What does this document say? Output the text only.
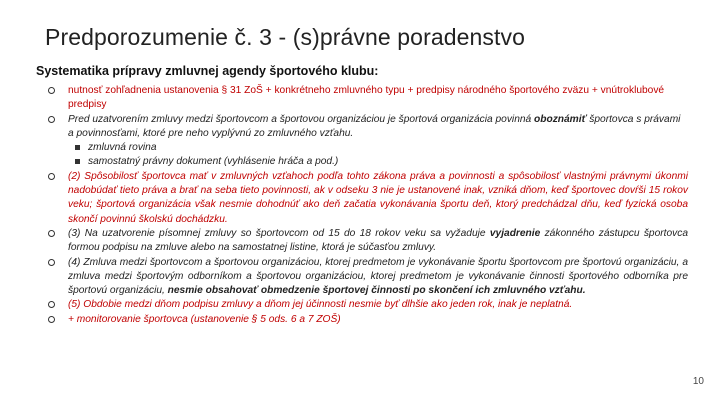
Predporozumenie č. 3 - (s)právne poradenstvo
Systematika prípravy zmluvnej agendy športového klubu:
nutnosť zohľadnenia ustanovenia § 31 ZoŠ + konkrétneho zmluvného typu + predpisy národného športového zväzu + vnútroklubové predpisy
Pred uzatvorením zmluvy medzi športovcom a športovou organizáciou je športová organizácia povinná oboznámiť športovca s právami a povinnosťami, ktoré pre neho vyplývnú zo zmluvného vzťahu.
zmluvná rovina
samostatný právny dokument (vyhlásenie hráča a pod.)
(2) Spôsobilosť športovca mať v zmluvných vzťahoch podľa tohto zákona práva a povinnosti a spôsobilosť vlastnými právnymi úkonmi nadobúdať tieto práva a brať na seba tieto povinnosti, ak v odseku 3 nie je ustanovené inak, vzniká dňom, keď športovec dovŕši 15 rokov veku; športová organizácia však nesmie dohodnúť ako deň začatia vykonávania športu deň, ktorý predchádzal dňu, keď fyzická osoba skončí povinnú školskú dochádzku.
(3) Na uzatvorenie písomnej zmluvy so športovcom od 15 do 18 rokov veku sa vyžaduje vyjadrenie zákonného zástupcu športovca formou podpisu na zmluve alebo na samostatnej listine, ktorá je súčasťou zmluvy.
(4) Zmluva medzi športovcom a športovou organizáciou, ktorej predmetom je vykonávanie športu športovcom pre športovú organizáciu, a zmluva medzi športovým odborníkom a športovou organizáciou, ktorej predmetom je vykonávanie činnosti športového odborníka pre športovú organizáciu, nesmie obsahovať obmedzenie športovej činnosti po skončení ich zmluvného vzťahu.
(5) Obdobie medzi dňom podpisu zmluvy a dňom jej účinnosti nesmie byť dlhšie ako jeden rok, inak je neplatná.
+ monitorovanie športovca (ustanovenie § 5 ods. 6 a 7 ZOŠ)
10
